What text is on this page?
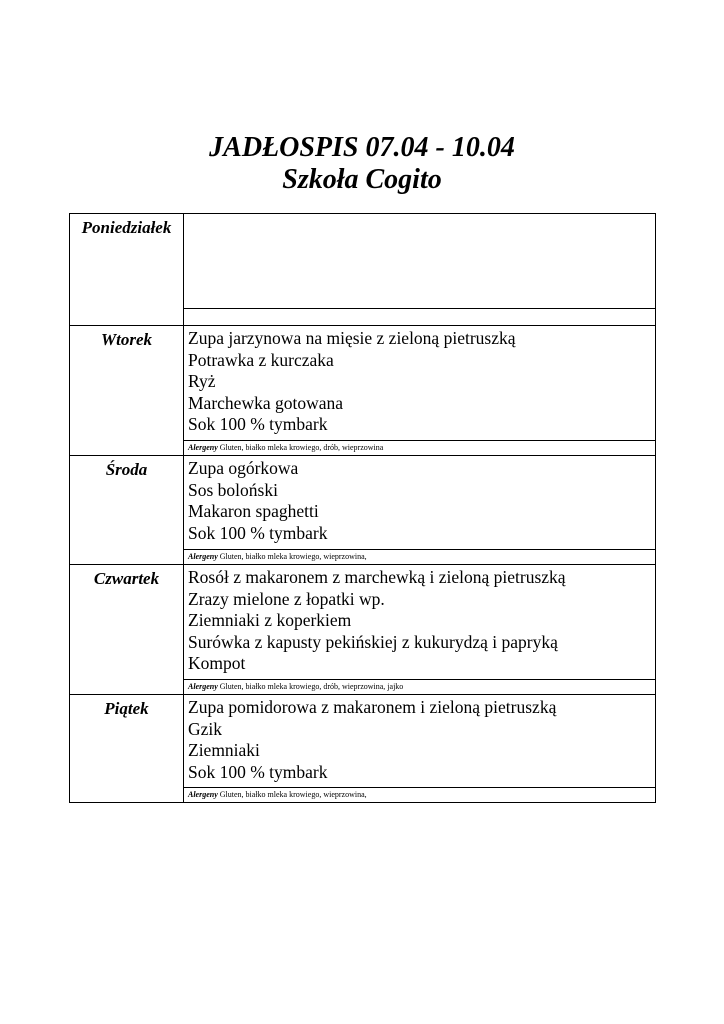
JADŁOSPIS 07.04 - 10.04
Szkoła Cogito
Poniedziałek	

Wtorek	Zupa jarzynowa na mięsie z zieloną pietruszką
Potrawka z kurczaka
Ryż
Marchewka gotowana
Sok 100 % tymbark

	Alergeny Gluten, białko mleka krowiego, drób, wieprzowina
Środa	Zupa ogórkowa
Sos boloński
Makaron spaghetti
Sok 100 % tymbark

	Alergeny Gluten, białko mleka krowiego, wieprzowina,
Czwartek	Rosół z makaronem z marchewką i zieloną pietruszką
Zrazy mielone z łopatki wp.
Ziemniaki z koperkiem
Surówka z kapusty pekińskiej z kukurydzą i papryką
Kompot

	Alergeny Gluten, białko mleka krowiego, drób, wieprzowina, jajko
Piątek	Zupa pomidorowa z makaronem i zieloną pietruszką
Gzik
Ziemniaki
Sok 100 % tymbark

	Alergeny Gluten, białko mleka krowiego, wieprzowina,
